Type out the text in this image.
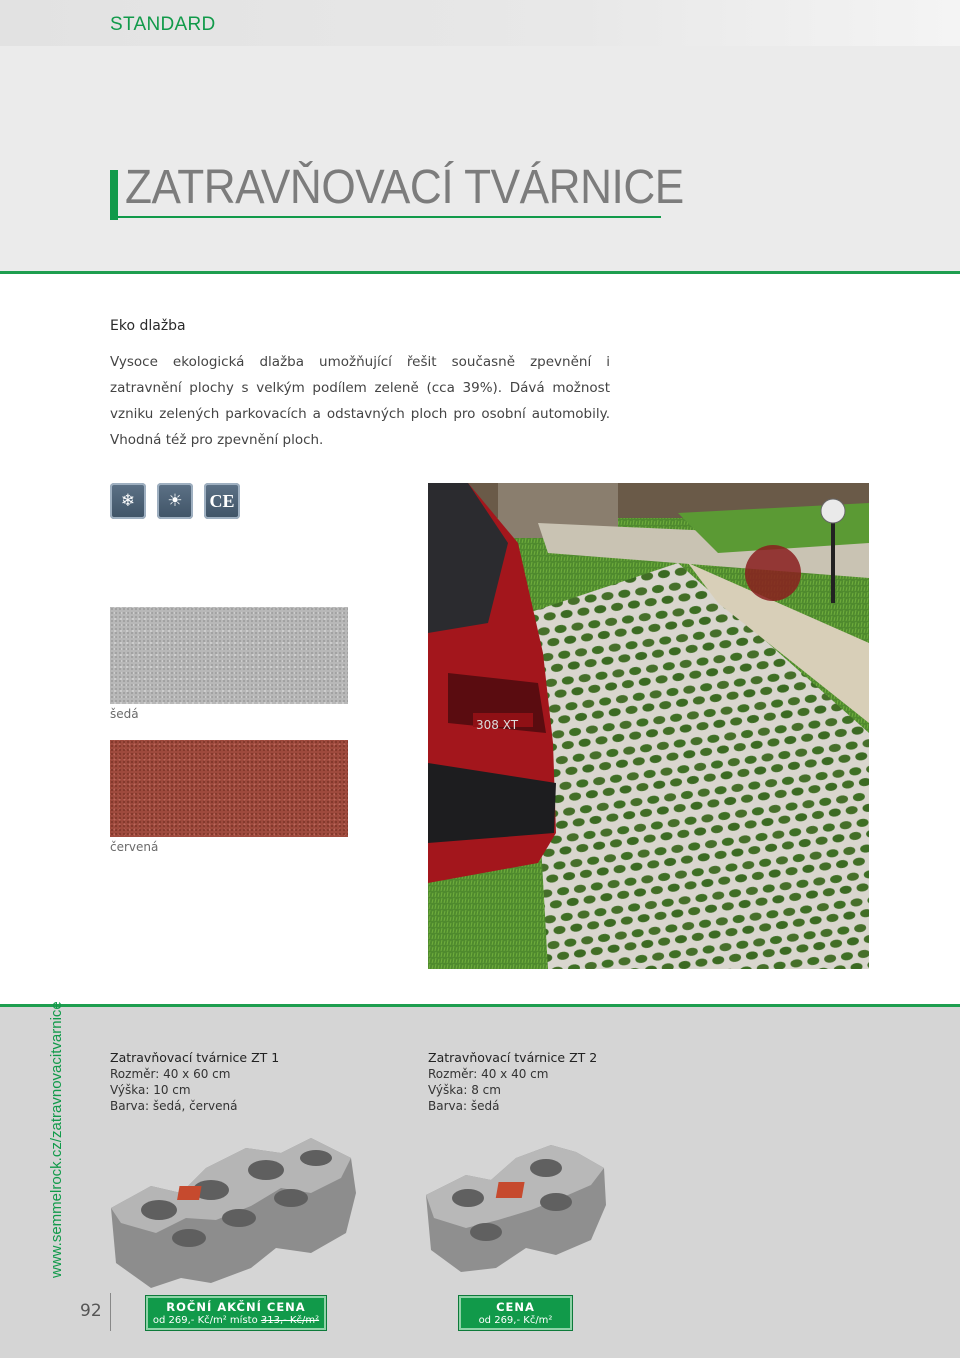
STANDARD
ZATRAVŇOVACÍ TVÁRNICE
Eko dlažba

Vysoce ekologická dlažba umožňující řešit současně zpevnění i zatravnění plochy s velkým podílem zeleně (cca 39%). Dává možnost vzniku zelených parkovacích a odstavných ploch pro osobní automobily. Vhodná též pro zpevnění ploch.

❄	☀	CE
šedá
červená
308 XT
www.semmelrock.cz/zatravnovacitvarnice	Zatravňovací tvárnice ZT 1
Rozměr: 40 x 60 cm
Výška: 10 cm
Barva: šedá, červená
Zatravňovací tvárnice ZT 2
Rozměr: 40 x 40 cm
Výška: 8 cm
Barva: šedá
92	ROČNÍ AKČNÍ CENA
od 269,- Kč/m² místo 313,- Kč/m²
CENA
od 269,- Kč/m²
